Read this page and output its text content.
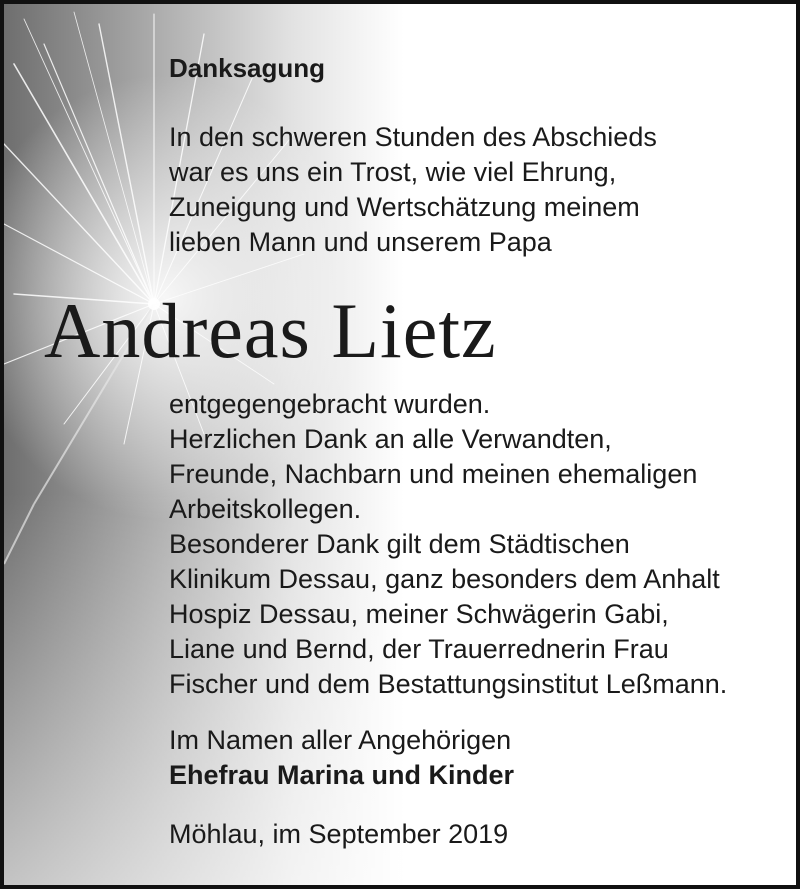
Danksagung
In den schweren Stunden des Abschieds
war es uns ein Trost, wie viel Ehrung,
Zuneigung und Wertschätzung meinem
lieben Mann und unserem Papa
Andreas Lietz
entgegengebracht wurden.
Herzlichen Dank an alle Verwandten,
Freunde, Nachbarn und meinen ehemaligen
Arbeitskollegen.
Besonderer Dank gilt dem Städtischen
Klinikum Dessau, ganz besonders dem Anhalt
Hospiz Dessau, meiner Schwägerin Gabi,
Liane und Bernd, der Trauerrednerin Frau
Fischer und dem Bestattungsinstitut Leßmann.
Im Namen aller Angehörigen
Ehefrau Marina und Kinder
Möhlau, im September 2019
